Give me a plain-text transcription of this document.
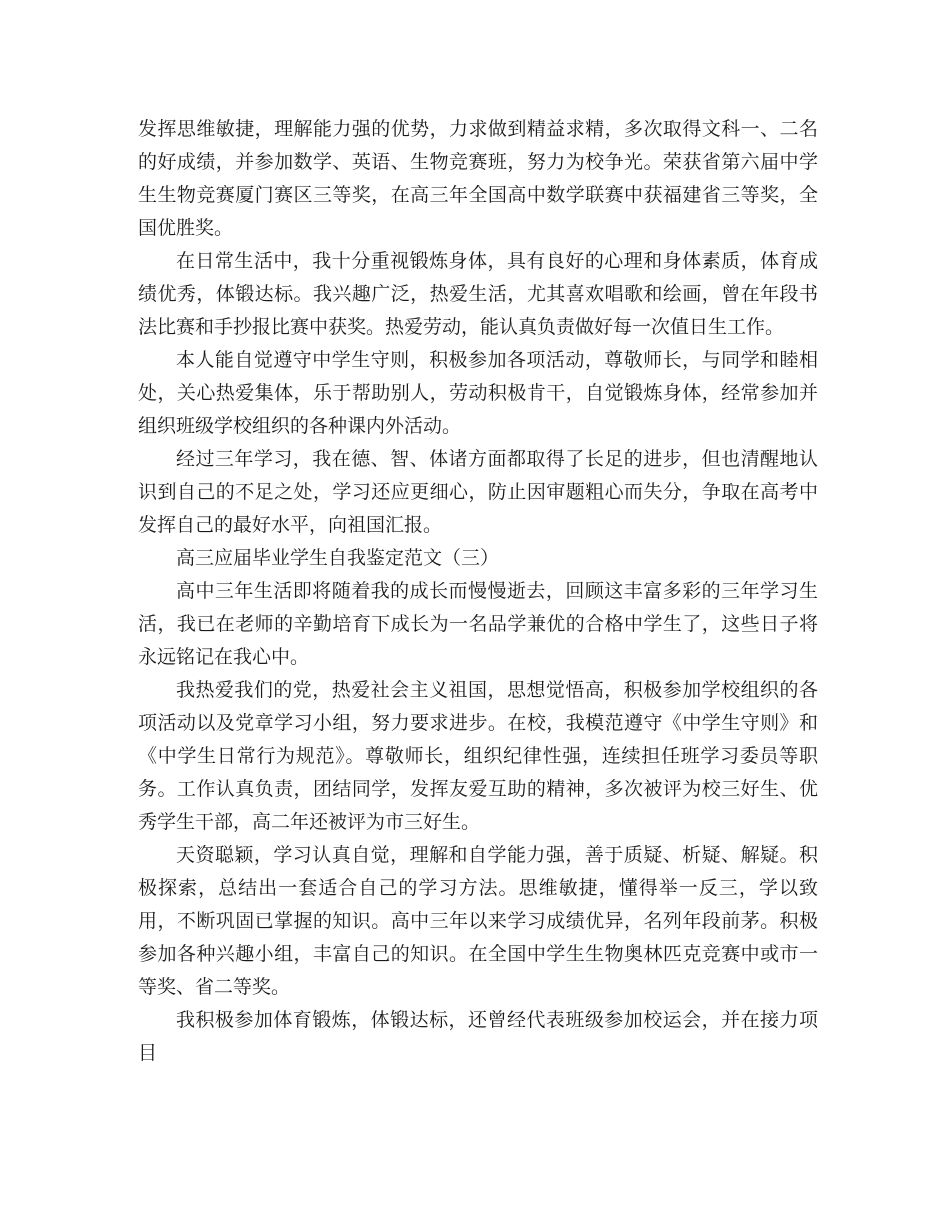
发挥思维敏捷，理解能力强的优势，力求做到精益求精，多次取得文科一、二名的好成绩，并参加数学、英语、生物竞赛班，努力为校争光。荣获省第六届中学生生物竞赛厦门赛区三等奖，在高三年全国高中数学联赛中获福建省三等奖，全国优胜奖。

在日常生活中，我十分重视锻炼身体，具有良好的心理和身体素质，体育成绩优秀，体锻达标。我兴趣广泛，热爱生活，尤其喜欢唱歌和绘画，曾在年段书法比赛和手抄报比赛中获奖。热爱劳动，能认真负责做好每一次值日生工作。

本人能自觉遵守中学生守则，积极参加各项活动，尊敬师长，与同学和睦相处，关心热爱集体，乐于帮助别人，劳动积极肯干，自觉锻炼身体，经常参加并组织班级学校组织的各种课内外活动。

经过三年学习，我在德、智、体诸方面都取得了长足的进步，但也清醒地认识到自己的不足之处，学习还应更细心，防止因审题粗心而失分，争取在高考中发挥自己的最好水平，向祖国汇报。

高三应届毕业学生自我鉴定范文（三）

高中三年生活即将随着我的成长而慢慢逝去，回顾这丰富多彩的三年学习生活，我已在老师的辛勤培育下成长为一名品学兼优的合格中学生了，这些日子将永远铭记在我心中。

我热爱我们的党，热爱社会主义祖国，思想觉悟高，积极参加学校组织的各项活动以及党章学习小组，努力要求进步。在校，我模范遵守《中学生守则》和《中学生日常行为规范》。尊敬师长，组织纪律性强，连续担任班学习委员等职务。工作认真负责，团结同学，发挥友爱互助的精神，多次被评为校三好生、优秀学生干部，高二年还被评为市三好生。

天资聪颖，学习认真自觉，理解和自学能力强，善于质疑、析疑、解疑。积极探索，总结出一套适合自己的学习方法。思维敏捷，懂得举一反三，学以致用，不断巩固已掌握的知识。高中三年以来学习成绩优异，名列年段前茅。积极参加各种兴趣小组，丰富自己的知识。在全国中学生生物奥林匹克竞赛中或市一等奖、省二等奖。

我积极参加体育锻炼，体锻达标，还曾经代表班级参加校运会，并在接力项目
